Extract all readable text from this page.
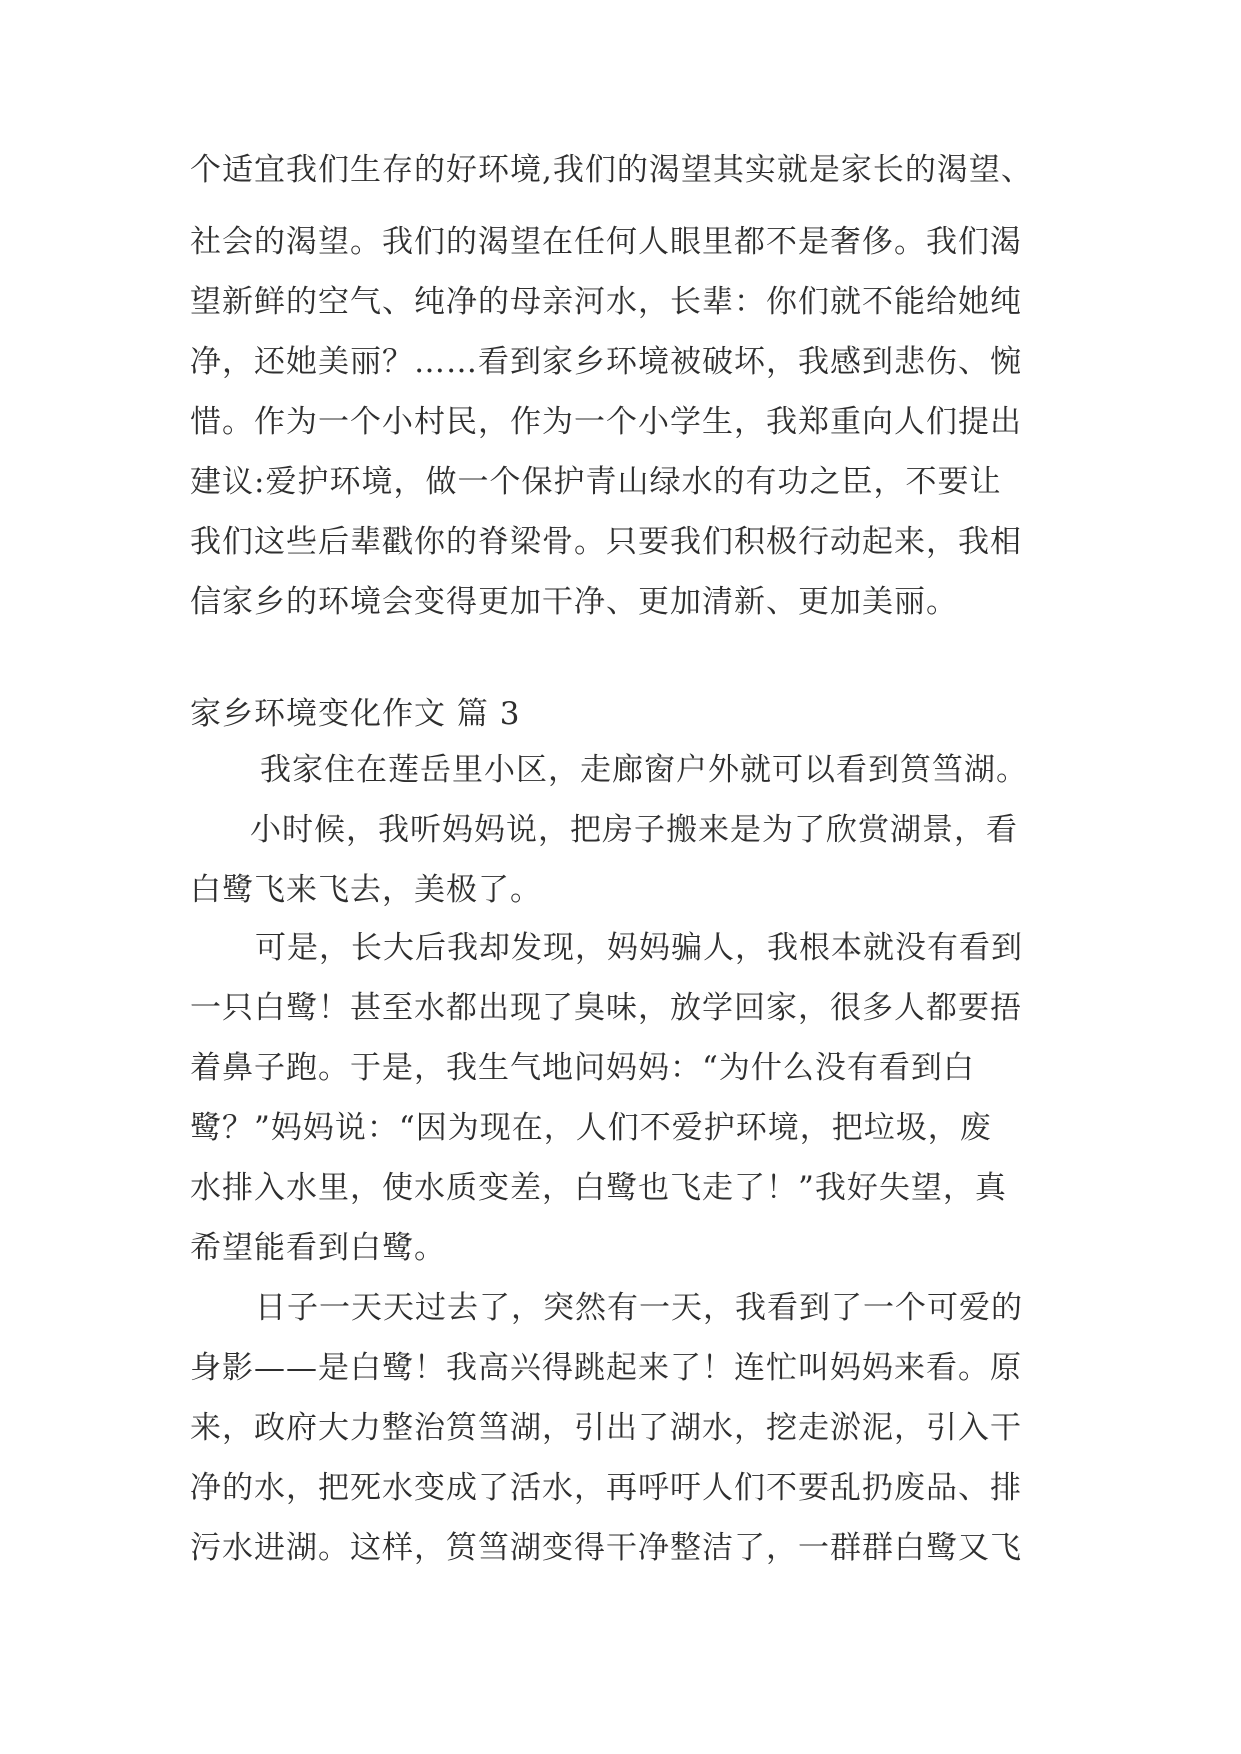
个适宜我们生存的好环境,我们的渴望其实就是家长的渴望、
社会的渴望。我们的渴望在任何人眼里都不是奢侈。我们渴
望新鲜的空气、纯净的母亲河水，长辈：你们就不能给她纯
净，还她美丽？……看到家乡环境被破坏，我感到悲伤、惋
惜。作为一个小村民，作为一个小学生，我郑重向人们提出
建议:爱护环境，做一个保护青山绿水的有功之臣，不要让
我们这些后辈戳你的脊梁骨。只要我们积极行动起来，我相
信家乡的环境会变得更加干净、更加清新、更加美丽。
家乡环境变化作文 篇 3
我家住在莲岳里小区，走廊窗户外就可以看到筼筜湖。
小时候，我听妈妈说，把房子搬来是为了欣赏湖景，看
白鹭飞来飞去，美极了。
可是，长大后我却发现，妈妈骗人，我根本就没有看到
一只白鹭！甚至水都出现了臭味，放学回家，很多人都要捂
着鼻子跑。于是，我生气地问妈妈：“为什么没有看到白
鹭？”妈妈说：“因为现在，人们不爱护环境，把垃圾，废
水排入水里，使水质变差，白鹭也飞走了！”我好失望，真
希望能看到白鹭。
日子一天天过去了，突然有一天，我看到了一个可爱的
身影——是白鹭！我高兴得跳起来了！连忙叫妈妈来看。原
来，政府大力整治筼筜湖，引出了湖水，挖走淤泥，引入干
净的水，把死水变成了活水，再呼吁人们不要乱扔废品、排
污水进湖。这样，筼筜湖变得干净整洁了，一群群白鹭又飞
